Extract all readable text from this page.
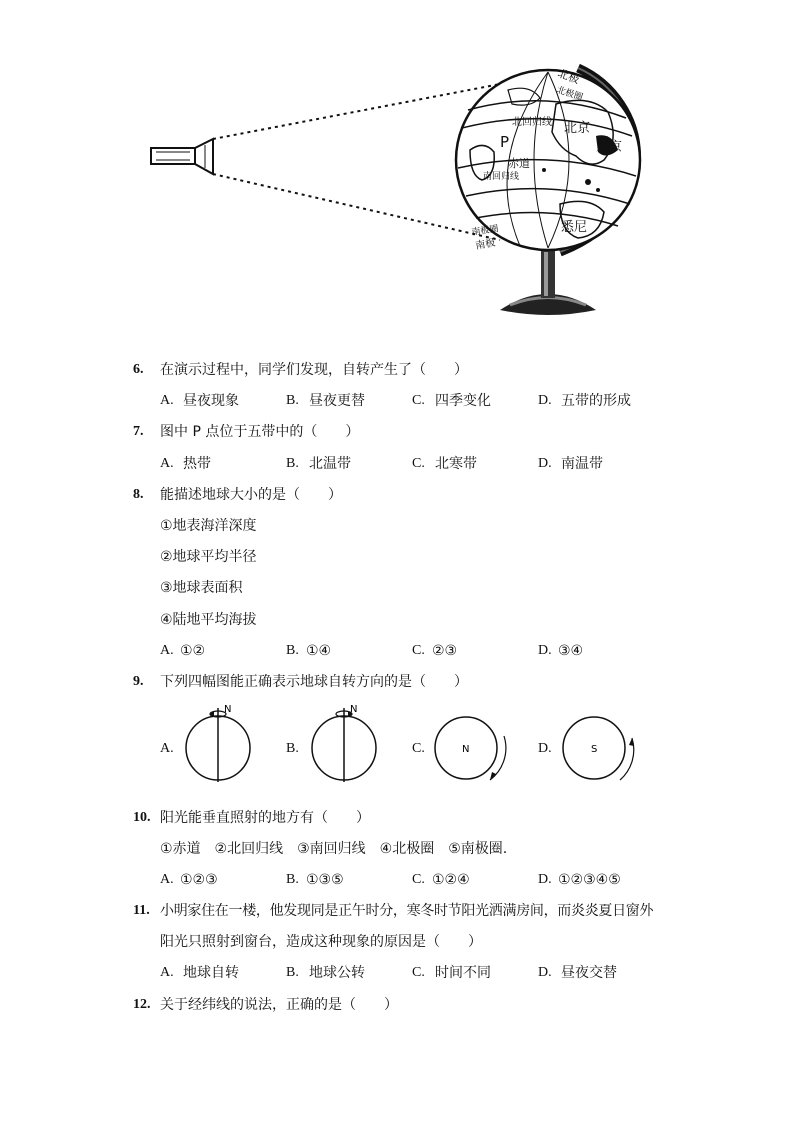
北极
北极圈
北回归线 北京
东京
P
赤道
南回归线
悉尼
南极圈
南极
6. 在演示过程中，同学们发现，自转产生了（　　）
A. 昼夜现象	B. 昼夜更替	C. 四季变化	D. 五带的形成
7. 图中 P 点位于五带中的（　　）
A. 热带	B. 北温带	C. 北寒带	D. 南温带
8. 能描述地球大小的是（　　）
①地表海洋深度
②地球平均半径
③地球表面积
④陆地平均海拔
A. ①②	B. ①④	C. ②③	D. ③④
9. 下列四幅图能正确表示地球自转方向的是（　　）
A.	B.	C.	D.
N	N
N	S
10. 阳光能垂直照射的地方有（　　）
①赤道　②北回归线　③南回归线　④北极圈　⑤南极圈.
A. ①②③	B. ①③⑤	C. ①②④	D. ①②③④⑤
11. 小明家住在一楼，他发现同是正午时分，寒冬时节阳光洒满房间，而炎炎夏日窗外
阳光只照射到窗台，造成这种现象的原因是（　　）
A. 地球自转	B. 地球公转	C. 时间不同	D. 昼夜交替
12. 关于经纬线的说法，正确的是（　　）
